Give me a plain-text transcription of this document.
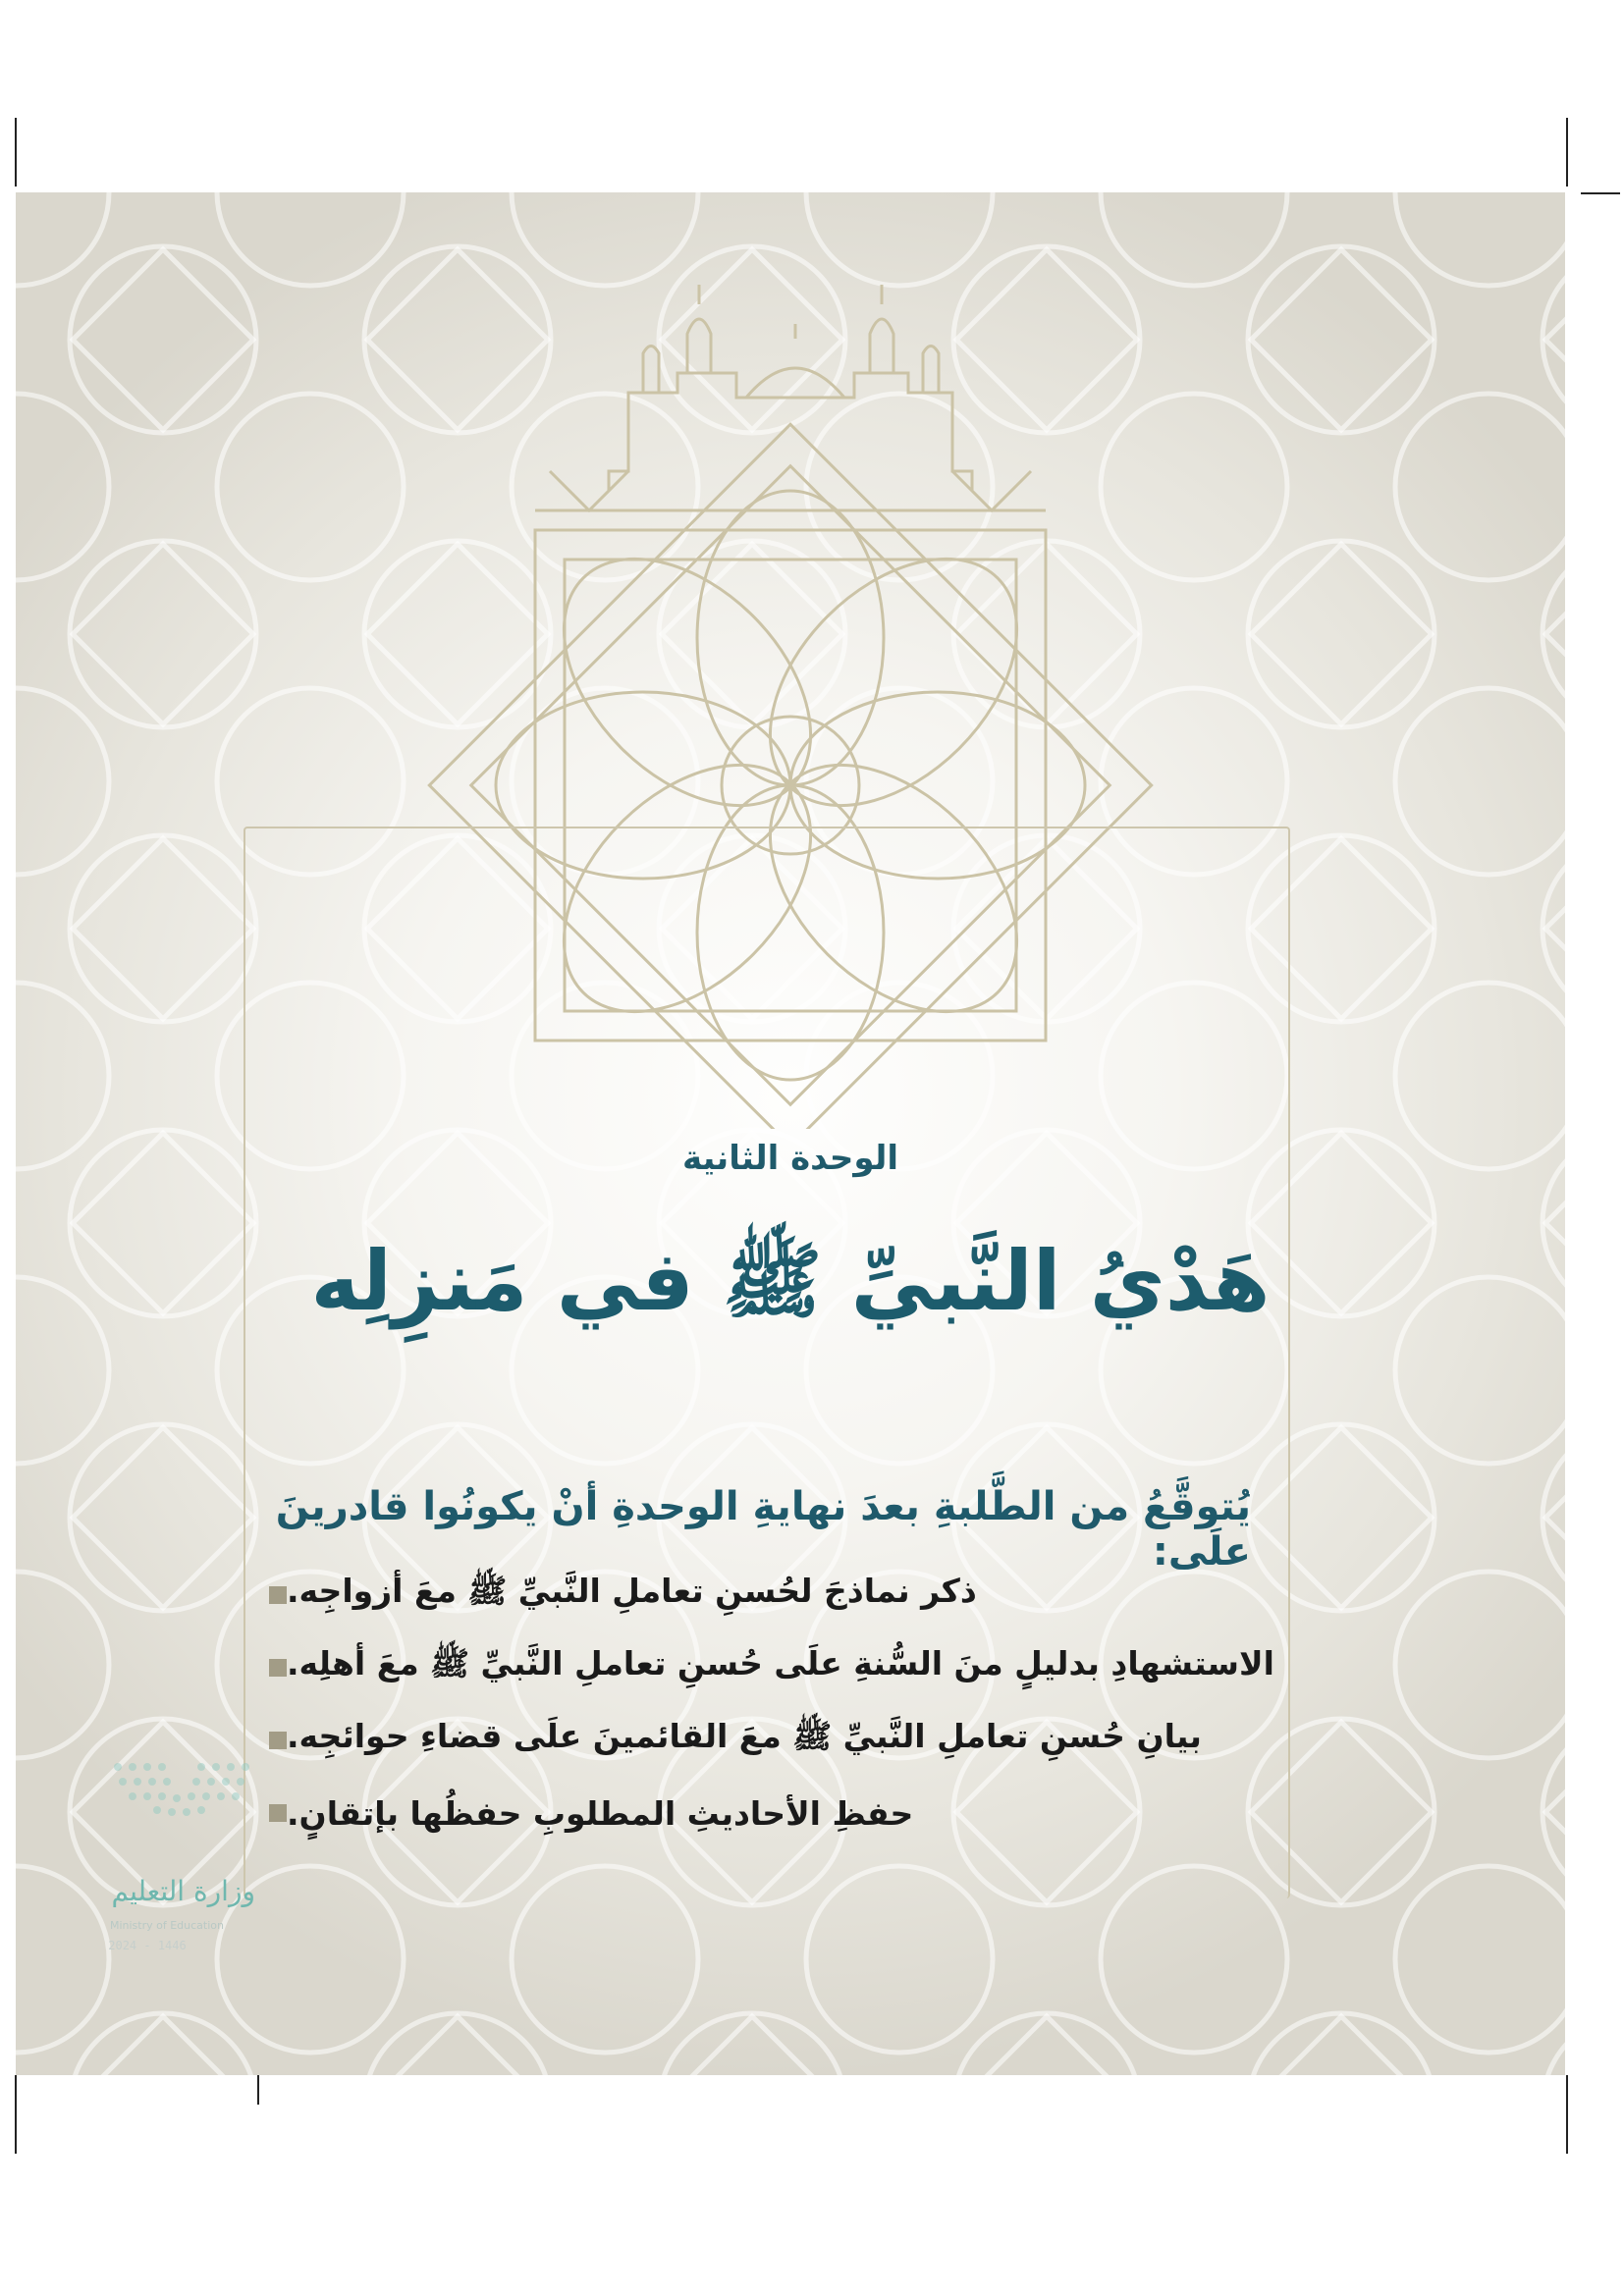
الوحدة الثانية
هَدْيُ النَّبيِّ ﷺ في مَنزِلِه
يُتوقَّعُ من الطَّلبةِ بعدَ نهايةِ الوحدةِ أنْ يكونُوا قادرينَ علَى:
ذكر نماذجَ لحُسنِ تعاملِ النَّبيِّ ﷺ معَ أزواجِه.
الاستشهادِ بدليلٍ منَ السُّنةِ علَى حُسنِ تعاملِ النَّبيِّ ﷺ معَ أهلِه.
بيانِ حُسنِ تعاملِ النَّبيِّ ﷺ معَ القائمينَ علَى قضاءِ حوائجِه.
حفظِ الأحاديثِ المطلوبِ حفظُها بإتقانٍ.
وزارة التعليم
Ministry of Education
2024 - 1446
